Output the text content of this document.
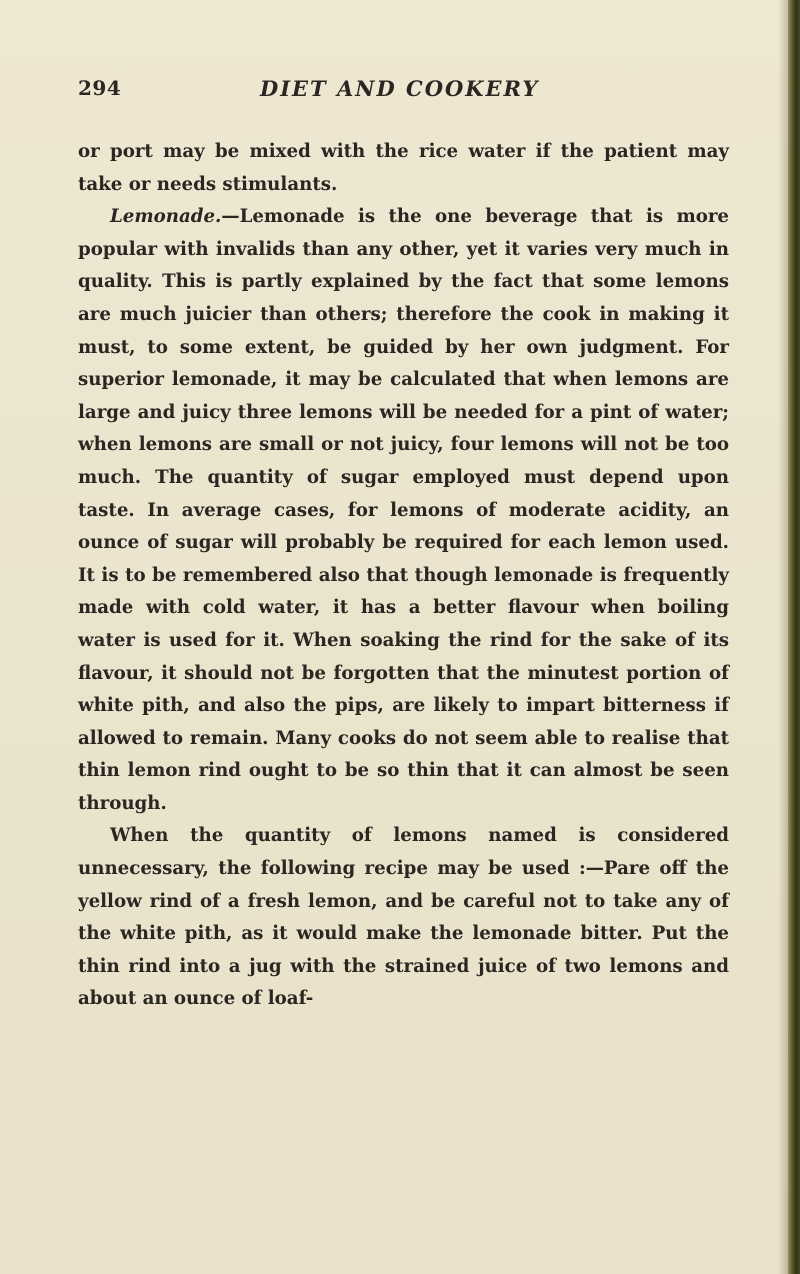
294	DIET AND COOKERY

or port may be mixed with the rice water if the patient may take or needs stimulants.

Lemonade.—Lemonade is the one beverage that is more popular with invalids than any other, yet it varies very much in quality. This is partly explained by the fact that some lemons are much juicier than others; therefore the cook in making it must, to some extent, be guided by her own judgment. For superior lemonade, it may be calculated that when lemons are large and juicy three lemons will be needed for a pint of water; when lemons are small or not juicy, four lemons will not be too much. The quantity of sugar employed must depend upon taste. In average cases, for lemons of moderate acidity, an ounce of sugar will probably be required for each lemon used. It is to be remembered also that though lemonade is frequently made with cold water, it has a better flavour when boiling water is used for it. When soaking the rind for the sake of its flavour, it should not be forgotten that the minutest portion of white pith, and also the pips, are likely to impart bitterness if allowed to remain. Many cooks do not seem able to realise that thin lemon rind ought to be so thin that it can almost be seen through.

When the quantity of lemons named is considered unnecessary, the following recipe may be used :—Pare off the yellow rind of a fresh lemon, and be careful not to take any of the white pith, as it would make the lemonade bitter. Put the thin rind into a jug with the strained juice of two lemons and about an ounce of loaf-
